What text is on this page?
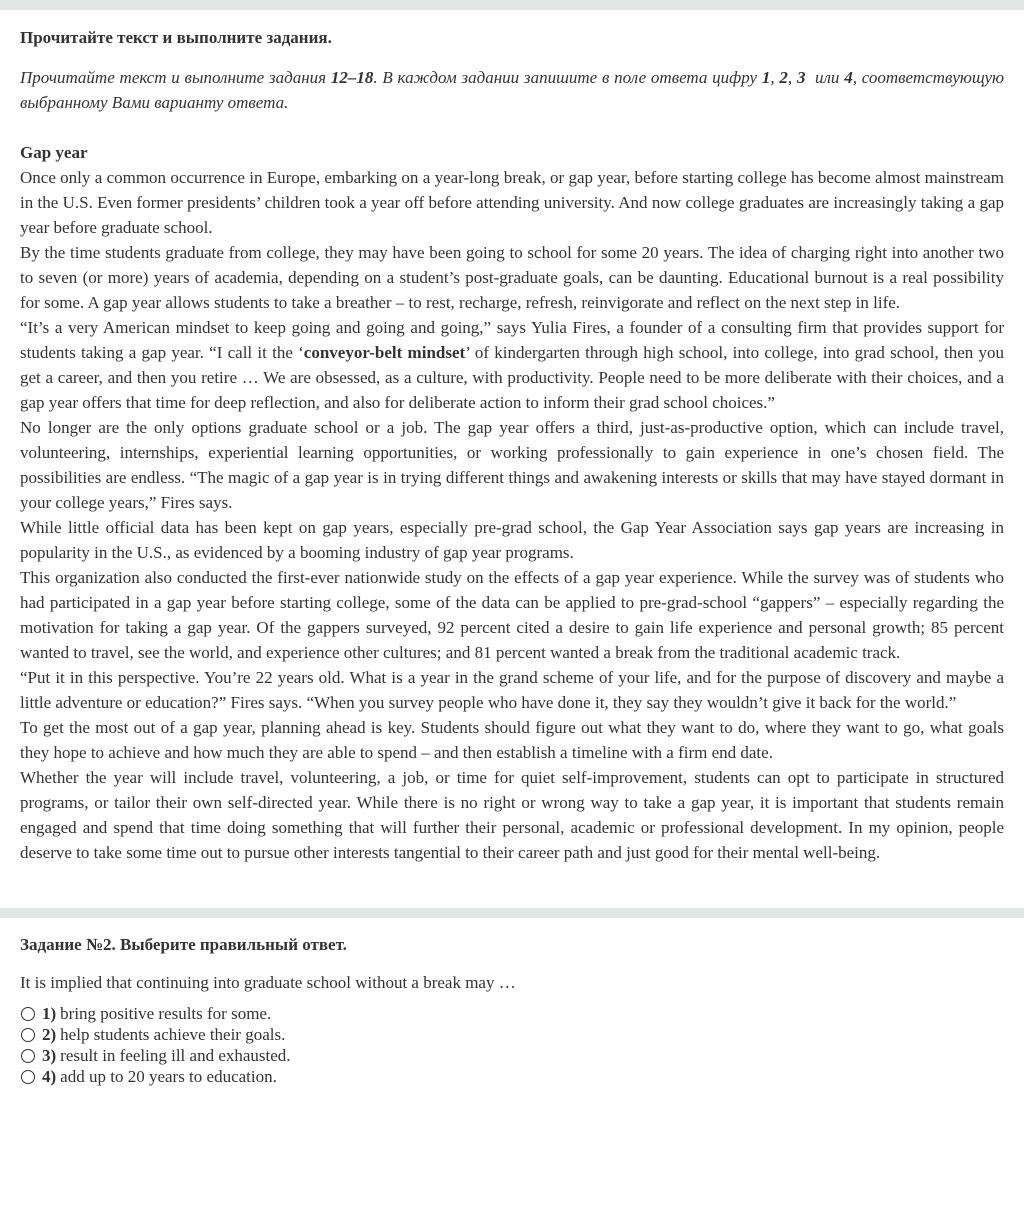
Прочитайте текст и выполните задания.
Прочитайте текст и выполните задания 12–18. В каждом задании запишите в поле ответа цифру 1, 2, 3  или 4, соответствующую выбранному Вами варианту ответа.
Gap year

Once only a common occurrence in Europe, embarking on a year-long break, or gap year, before starting college has become almost mainstream in the U.S. Even former presidents’ children took a year off before attending university. And now college graduates are increasingly taking a gap year before graduate school.

By the time students graduate from college, they may have been going to school for some 20 years. The idea of charging right into another two to seven (or more) years of academia, depending on a student’s post-graduate goals, can be daunting. Educational burnout is a real possibility for some. A gap year allows students to take a breather – to rest, recharge, refresh, reinvigorate and reflect on the next step in life.

“It’s a very American mindset to keep going and going and going,” says Yulia Fires, a founder of a consulting firm that provides support for students taking a gap year. “I call it the ‘conveyor-belt mindset’ of kindergarten through high school, into college, into grad school, then you get a career, and then you retire … We are obsessed, as a culture, with productivity. People need to be more deliberate with their choices, and a gap year offers that time for deep reflection, and also for deliberate action to inform their grad school choices.”

No longer are the only options graduate school or a job. The gap year offers a third, just-as-productive option, which can include travel, volunteering, internships, experiential learning opportunities, or working professionally to gain experience in one’s chosen field. The possibilities are endless. “The magic of a gap year is in trying different things and awakening interests or skills that may have stayed dormant in your college years,” Fires says.

While little official data has been kept on gap years, especially pre-grad school, the Gap Year Association says gap years are increasing in popularity in the U.S., as evidenced by a booming industry of gap year programs.

This organization also conducted the first-ever nationwide study on the effects of a gap year experience. While the survey was of students who had participated in a gap year before starting college, some of the data can be applied to pre-grad-school “gappers” – especially regarding the motivation for taking a gap year. Of the gappers surveyed, 92 percent cited a desire to gain life experience and personal growth; 85 percent wanted to travel, see the world, and experience other cultures; and 81 percent wanted a break from the traditional academic track.

“Put it in this perspective. You’re 22 years old. What is a year in the grand scheme of your life, and for the purpose of discovery and maybe a little adventure or education?” Fires says. “When you survey people who have done it, they say they wouldn’t give it back for the world.”

To get the most out of a gap year, planning ahead is key. Students should figure out what they want to do, where they want to go, what goals they hope to achieve and how much they are able to spend – and then establish a timeline with a firm end date.

Whether the year will include travel, volunteering, a job, or time for quiet self-improvement, students can opt to participate in structured programs, or tailor their own self-directed year. While there is no right or wrong way to take a gap year, it is important that students remain engaged and spend that time doing something that will further their personal, academic or professional development. In my opinion, people deserve to take some time out to pursue other interests tangential to their career path and just good for their mental well-being.

Задание №2. Выберите правильный ответ.
It is implied that continuing into graduate school without a break may …
1) bring positive results for some.
2) help students achieve their goals.
3) result in feeling ill and exhausted.
4) add up to 20 years to education.
